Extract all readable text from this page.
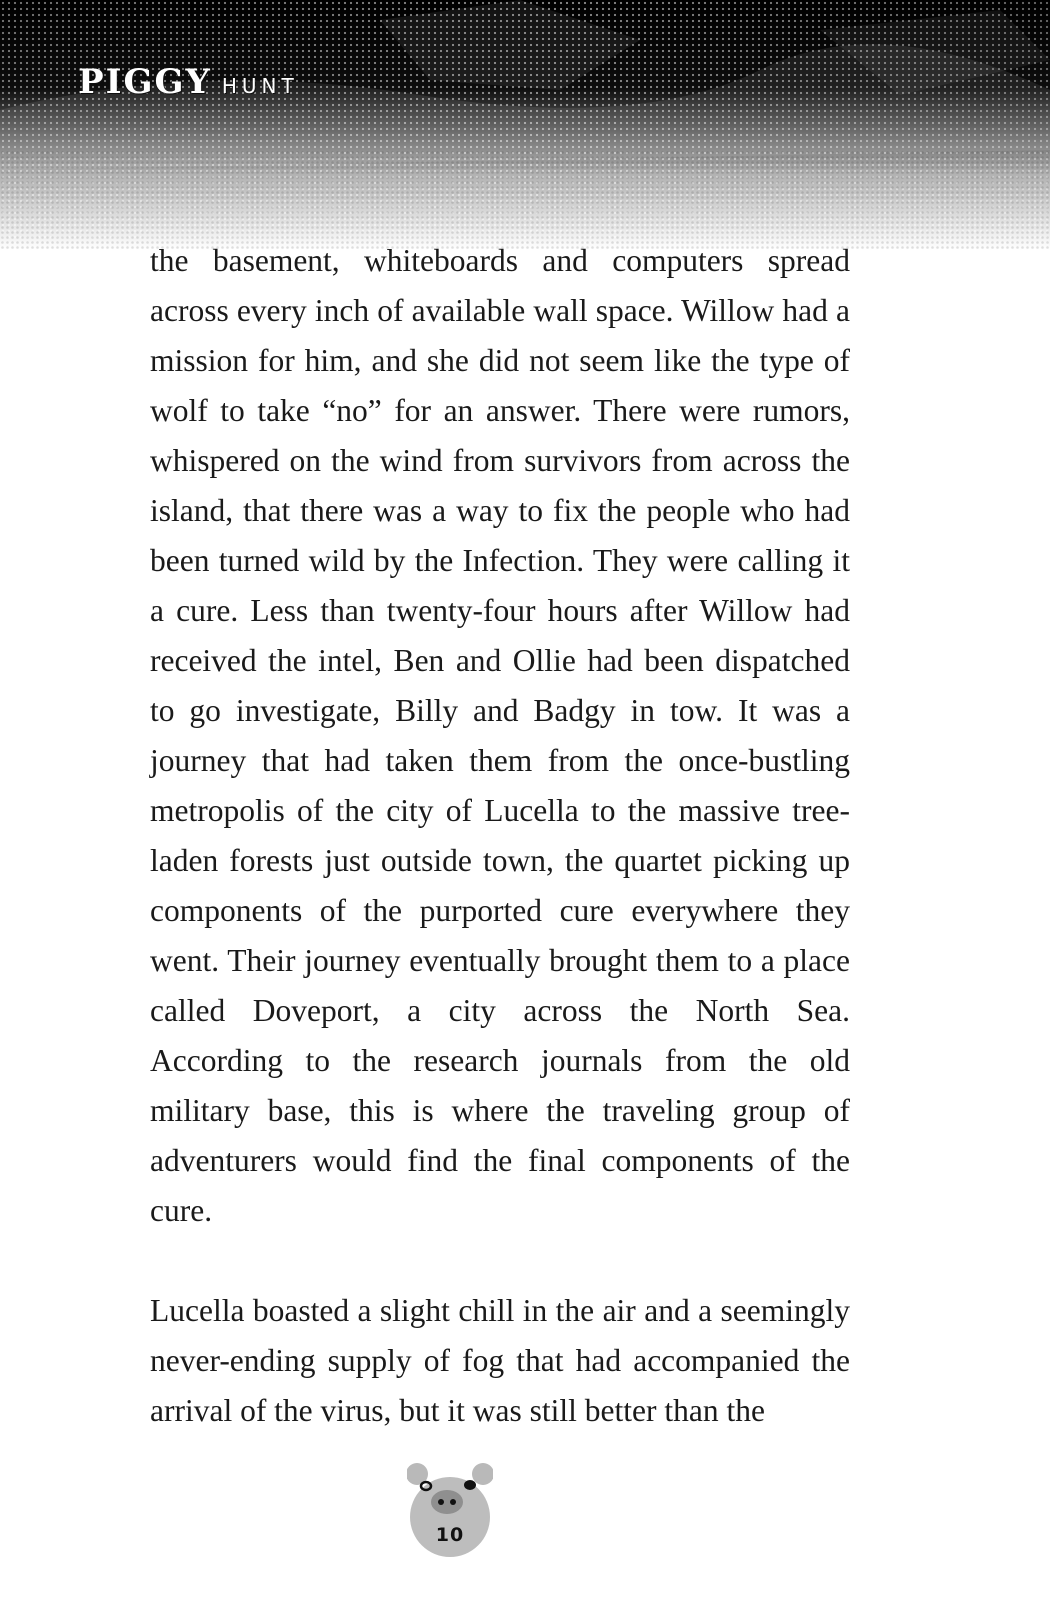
PIGGY HUNT

the basement, whiteboards and computers spread across every inch of available wall space. Willow had a mission for him, and she did not seem like the type of wolf to take “no” for an answer. There were rumors, whispered on the wind from survivors from across the island, that there was a way to fix the people who had been turned wild by the Infection. They were calling it a cure. Less than twenty-four hours after Willow had received the intel, Ben and Ollie had been dispatched to go investigate, Billy and Badgy in tow. It was a journey that had taken them from the once-bustling metropolis of the city of Lucella to the massive tree-laden forests just outside town, the quartet picking up components of the purported cure everywhere they went. Their journey eventually brought them to a place called Doveport, a city across the North Sea. According to the research journals from the old military base, this is where the traveling group of adventurers would find the final components of the cure.

Lucella boasted a slight chill in the air and a seemingly never-ending supply of fog that had accompanied the arrival of the virus, but it was still better than the

10
